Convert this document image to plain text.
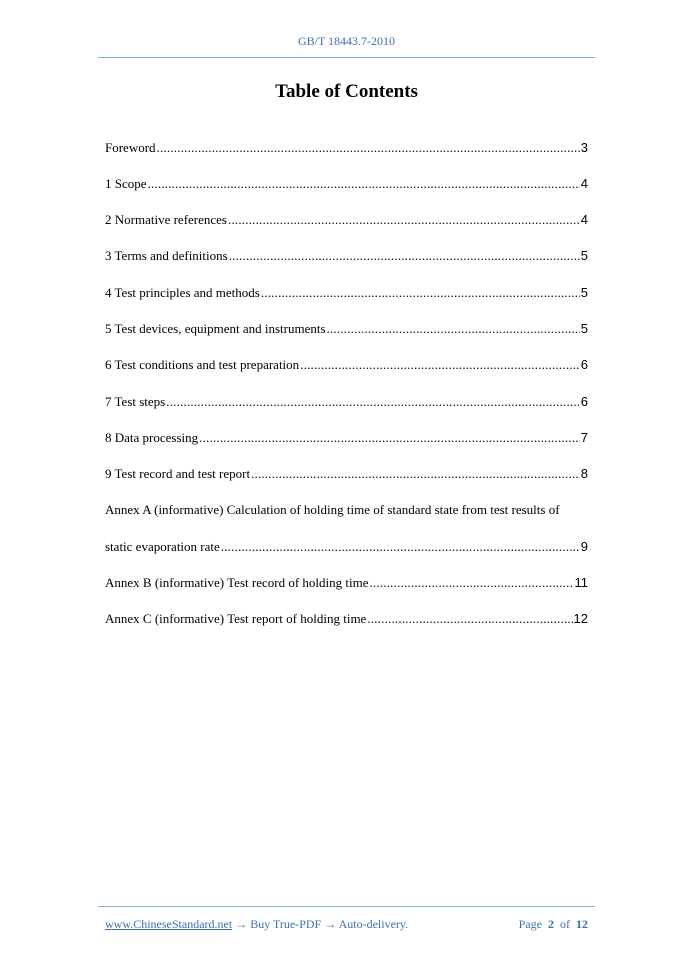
GB/T 18443.7-2010
Table of Contents
Foreword .....	3
1 Scope .....	4
2 Normative references .....	4
3 Terms and definitions .....	5
4 Test principles and methods .....	5
5 Test devices, equipment and instruments .....	5
6 Test conditions and test preparation .....	6
7 Test steps .....	6
8 Data processing .....	7
9 Test record and test report .....	8
Annex A (informative) Calculation of holding time of standard state from test results of
static evaporation rate .....	9
Annex B (informative) Test record of holding time .....	11
Annex C (informative) Test report of holding time .....	12
www.ChineseStandard.net → Buy True-PDF → Auto-delivery.	Page 2 of 12
